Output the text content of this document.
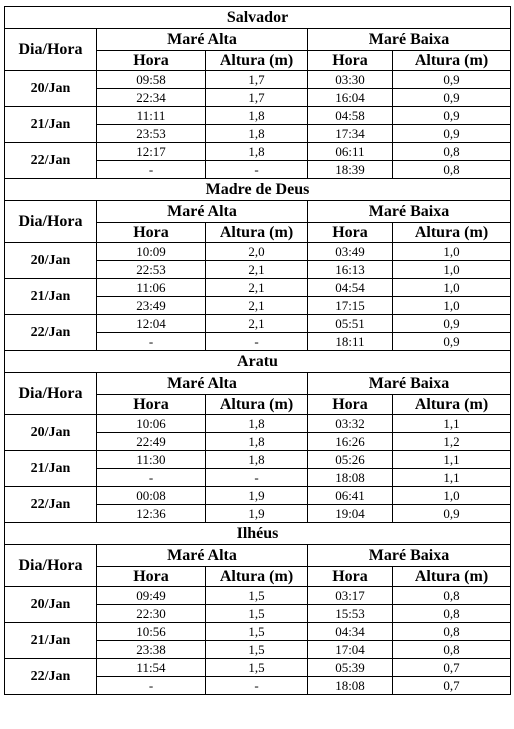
Salvador				
Dia/Hora	Maré Alta		Maré Baixa	
	Hora	Altura (m)	Hora	Altura (m)
20/Jan	09:58	1,7	03:30	0,9
	22:34	1,7	16:04	0,9
21/Jan	11:11	1,8	04:58	0,9
	23:53	1,8	17:34	0,9
22/Jan	12:17	1,8	06:11	0,8
	-	-	18:39	0,8
Madre de Deus				
Dia/Hora	Maré Alta		Maré Baixa	
	Hora	Altura (m)	Hora	Altura (m)
20/Jan	10:09	2,0	03:49	1,0
	22:53	2,1	16:13	1,0
21/Jan	11:06	2,1	04:54	1,0
	23:49	2,1	17:15	1,0
22/Jan	12:04	2,1	05:51	0,9
	-	-	18:11	0,9
Aratu				
Dia/Hora	Maré Alta		Maré Baixa	
	Hora	Altura (m)	Hora	Altura (m)
20/Jan	10:06	1,8	03:32	1,1
	22:49	1,8	16:26	1,2
21/Jan	11:30	1,8	05:26	1,1
	-	-	18:08	1,1
22/Jan	00:08	1,9	06:41	1,0
	12:36	1,9	19:04	0,9
Ilhéus				
Dia/Hora	Maré Alta		Maré Baixa	
	Hora	Altura (m)	Hora	Altura (m)
20/Jan	09:49	1,5	03:17	0,8
	22:30	1,5	15:53	0,8
21/Jan	10:56	1,5	04:34	0,8
	23:38	1,5	17:04	0,8
22/Jan	11:54	1,5	05:39	0,7
	-	-	18:08	0,7
